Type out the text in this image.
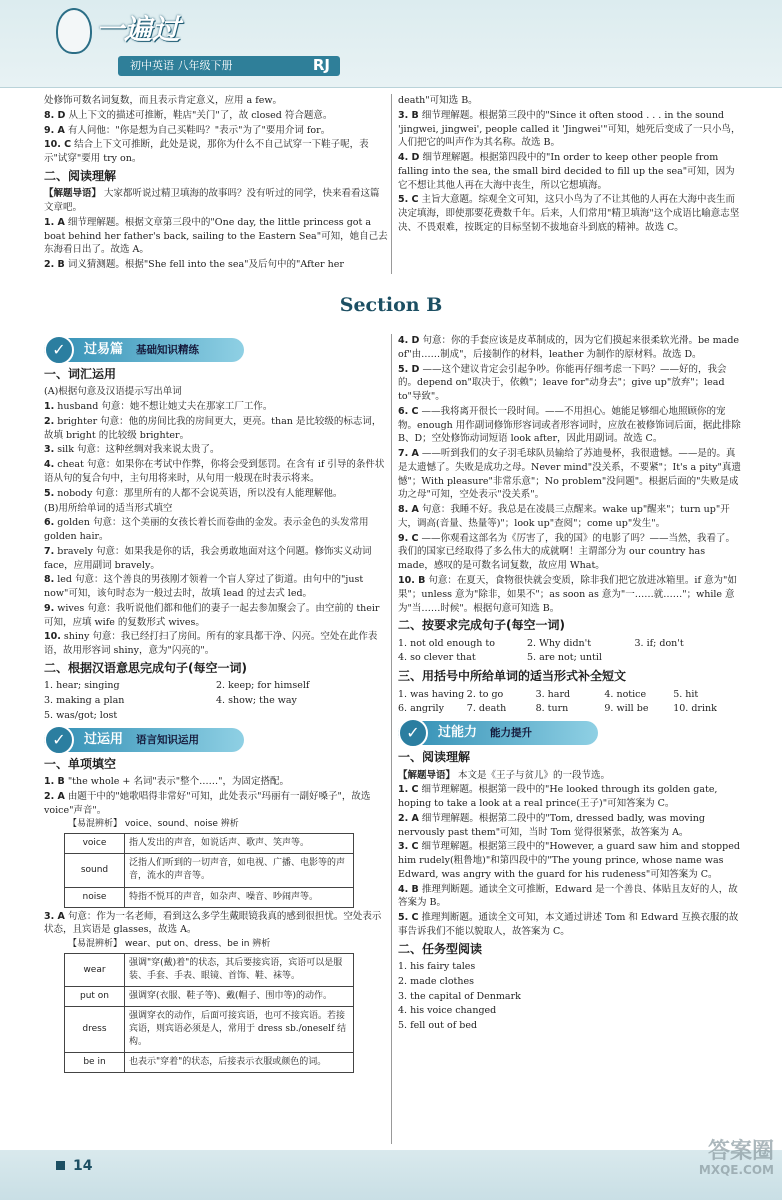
一遍过
初中英语 八年级下册	RJ
处修饰可数名词复数，而且表示肯定意义，应用 a few。
8. D 从上下文的描述可推断，鞋店"关门"了，故 closed 符合题意。
9. A 有人问他："你是想为自己买鞋吗？"表示"为了"要用介词 for。
10. C 结合上下文可推断，此处是说，那你为什么不自己试穿一下鞋子呢，表示"试穿"要用 try on。
二、阅读理解
【解题导语】 大家都听说过精卫填海的故事吗？没有听过的同学，快来看看这篇文章吧。
1. A 细节理解题。根据文章第三段中的"One day, the little princess got a boat behind her father's back, sailing to the Eastern Sea"可知，她自己去东海看日出了。故选 A。
2. B 词义猜测题。根据"She fell into the sea"及后句中的"After her
death"可知选 B。
3. B 细节理解题。根据第三段中的"Since it often stood . . . in the sound 'jingwei, jingwei', people called it 'Jingwei'"可知，她死后变成了一只小鸟，人们把它的叫声作为其名称。故选 B。
4. D 细节理解题。根据第四段中的"In order to keep other people from falling into the sea, the small bird decided to fill up the sea"可知，因为它不想让其他人再在大海中丧生，所以它想填海。
5. C 主旨大意题。综观全文可知，这只小鸟为了不让其他的人再在大海中丧生而决定填海，即使那要花费数千年。后来，人们常用"精卫填海"这个成语比喻意志坚决、不畏艰难，按既定的目标坚韧不拔地奋斗到底的精神。故选 C。
Section B
✓	过易篇 基础知识精练
一、词汇运用
(A)根据句意及汉语提示写出单词
1. husband 句意：她不想让她丈夫在那家工厂工作。
2. brighter 句意：他的房间比我的房间更大，更亮。than 是比较级的标志词，故填 bright 的比较级 brighter。
3. silk 句意：这种丝绸对我来说太贵了。
4. cheat 句意：如果你在考试中作弊，你将会受到惩罚。在含有 if 引导的条件状语从句的复合句中，主句用将来时，从句用一般现在时表示将来。
5. nobody 句意：那里所有的人都不会说英语，所以没有人能理解他。
(B)用所给单词的适当形式填空
6. golden 句意：这个美丽的女孩长着长而卷曲的金发。表示金色的头发常用 golden hair。
7. bravely 句意：如果我是你的话，我会勇敢地面对这个问题。修饰实义动词 face，应用副词 bravely。
8. led 句意：这个善良的男孩刚才领着一个盲人穿过了街道。由句中的"just now"可知，该句时态为一般过去时，故填 lead 的过去式 led。
9. wives 句意：我听说他们都和他们的妻子一起去参加聚会了。由空前的 their 可知，应填 wife 的复数形式 wives。
10. shiny 句意：我已经打扫了房间。所有的家具都干净、闪亮。空处在此作表语，故用形容词 shiny，意为"闪亮的"。
二、根据汉语意思完成句子(每空一词)
1. hear; singing	2. keep; for himself
3. making a plan	4. show; the way
5. was/got; lost
✓	过运用 语言知识运用
一、单项填空
1. B "the whole + 名词"表示"整个……"，为固定搭配。
2. A 由题干中的"她歌唱得非常好"可知，此处表示"玛丽有一副好嗓子"，故选 voice"声音"。
【易混辨析】 voice、sound、noise 辨析
voice	指人发出的声音，如说话声、歌声、笑声等。
sound	泛指人们听到的一切声音，如电视、广播、电影等的声音，流水的声音等。
noise	特指不悦耳的声音，如杂声、噪音、吵闹声等。
3. A 句意：作为一名老师，看到这么多学生戴眼镜我真的感到很担忧。空处表示状态，且宾语是 glasses，故选 A。
【易混辨析】 wear、put on、dress、be in 辨析
wear	强调"穿(戴)着"的状态，其后要接宾语，宾语可以是服装、手套、手表、眼镜、首饰、鞋、袜等。
put on	强调穿(衣服、鞋子等)、戴(帽子、围巾等)的动作。
dress	强调穿衣的动作，后面可接宾语，也可不接宾语。若接宾语，则宾语必须是人，常用于 dress sb./oneself 结构。
be in	也表示"穿着"的状态，后接表示衣服或颜色的词。
4. D 句意：你的手套应该是皮革制成的，因为它们摸起来很柔软光滑。be made of"由……制成"，后接制作的材料，leather 为制作的原材料。故选 D。
5. D ——这个建议肯定会引起争吵。你能再仔细考虑一下吗？——好的，我会的。depend on"取决于，依赖"；leave for"动身去"；give up"放弃"；lead to"导致"。
6. C ——我将离开很长一段时间。——不用担心。她能足够细心地照顾你的宠物。enough 用作副词修饰形容词或者形容词时，应放在被修饰词后面，据此排除 B、D；空处修饰动词短语 look after，因此用副词。故选 C。
7. A ——听到我们的女子羽毛球队员输给了苏迪曼杯，我很遗憾。——是的。真是太遗憾了。失败是成功之母。Never mind"没关系，不要紧"；It's a pity"真遗憾"；With pleasure"非常乐意"；No problem"没问题"。根据后面的"失败是成功之母"可知，空处表示"没关系"。
8. A 句意：我睡不好。我总是在凌晨三点醒来。wake up"醒来"；turn up"开大，调高(音量、热量等)"；look up"查阅"；come up"发生"。
9. C ——你观看这部名为《厉害了，我的国》的电影了吗？——当然，我看了。我们的国家已经取得了多么伟大的成就啊！主谓部分为 our country has made，感叹的是可数名词复数，故应用 What。
10. B 句意：在夏天，食物很快就会变质，除非我们把它放进冰箱里。if 意为"如果"；unless 意为"除非，如果不"；as soon as 意为"一……就……"；while 意为"当……时候"。根据句意可知选 B。
二、按要求完成句子(每空一词)
1. not old enough to	2. Why didn't	3. if; don't
4. so clever that	5. are not; until
三、用括号中所给单词的适当形式补全短文
1. was having 2. to go	3. hard	4. notice	5. hit
6. angrily	7. death	8. turn	9. will be	10. drink
✓	过能力 能力提升
一、阅读理解
【解题导语】 本文是《王子与贫儿》的一段节选。
1. C 细节理解题。根据第一段中的"He looked through its golden gate, hoping to take a look at a real prince(王子)"可知答案为 C。
2. A 细节理解题。根据第二段中的"Tom, dressed badly, was moving nervously past them"可知，当时 Tom 觉得很紧张，故答案为 A。
3. C 细节理解题。根据第三段中的"However, a guard saw him and stopped him rudely(粗鲁地)"和第四段中的"The young prince, whose name was Edward, was angry with the guard for his rudeness"可知答案为 C。
4. B 推理判断题。通读全文可推断，Edward 是一个善良、体贴且友好的人，故答案为 B。
5. C 推理判断题。通读全文可知，本文通过讲述 Tom 和 Edward 互换衣服的故事告诉我们不能以貌取人，故答案为 C。
二、任务型阅读
1. his fairy tales
2. made clothes
3. the capital of Denmark
4. his voice changed
5. fell out of bed
14
答案圈
MXQE.COM
